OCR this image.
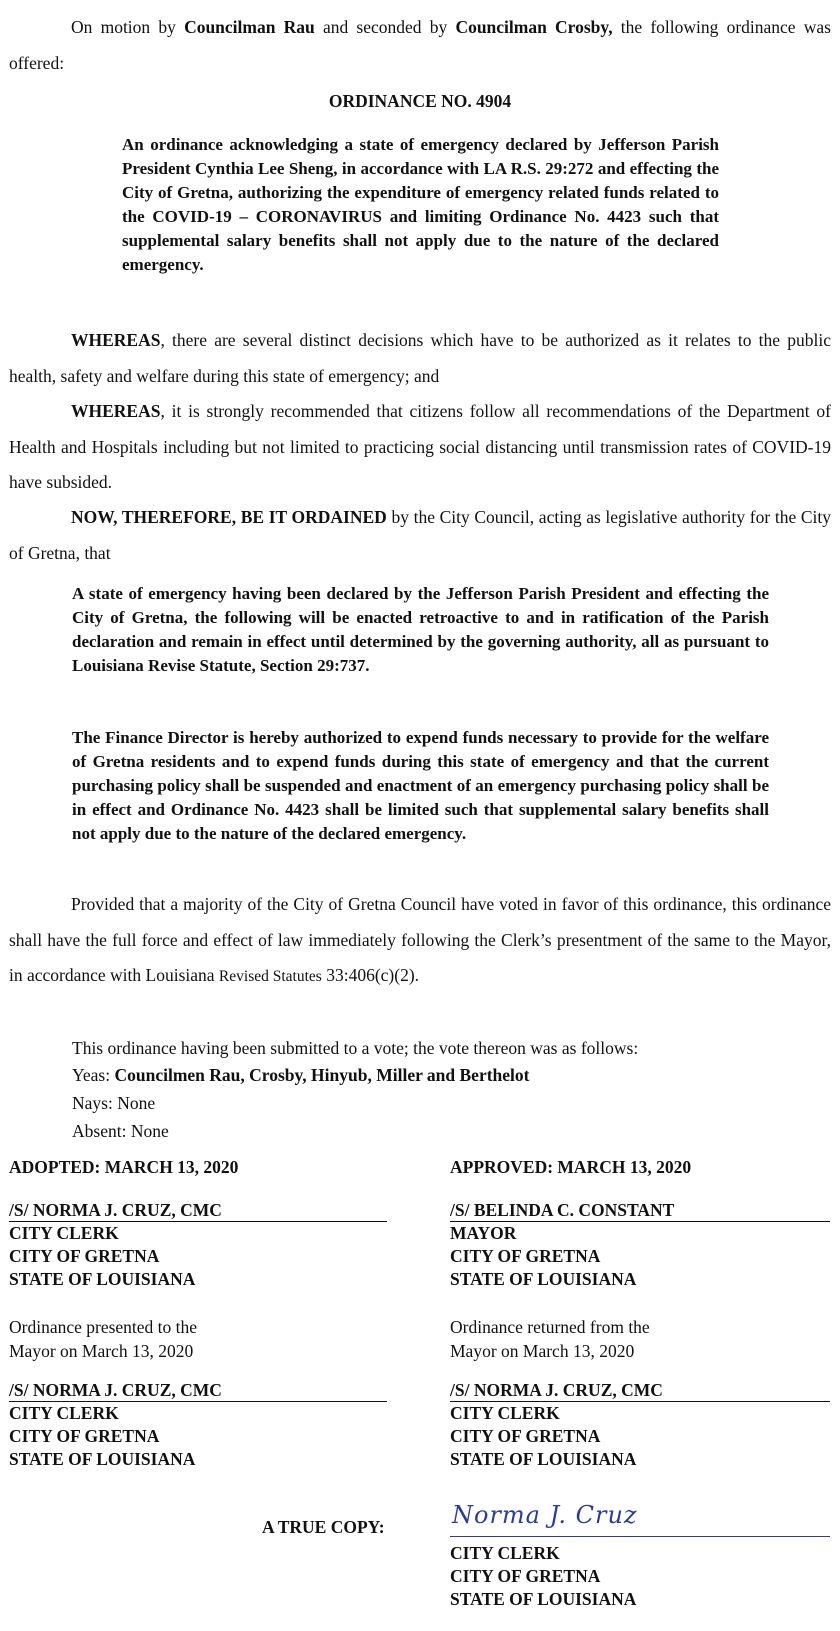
On motion by Councilman Rau and seconded by Councilman Crosby, the following ordinance was offered:

ORDINANCE NO. 4904

An ordinance acknowledging a state of emergency declared by Jefferson Parish President Cynthia Lee Sheng, in accordance with LA R.S. 29:272 and effecting the City of Gretna, authorizing the expenditure of emergency related funds related to the COVID-19 – CORONAVIRUS and limiting Ordinance No. 4423 such that supplemental salary benefits shall not apply due to the nature of the declared emergency.

WHEREAS, there are several distinct decisions which have to be authorized as it relates to the public health, safety and welfare during this state of emergency; and

WHEREAS, it is strongly recommended that citizens follow all recommendations of the Department of Health and Hospitals including but not limited to practicing social distancing until transmission rates of COVID-19 have subsided.

NOW, THEREFORE, BE IT ORDAINED by the City Council, acting as legislative authority for the City of Gretna, that

A state of emergency having been declared by the Jefferson Parish President and effecting the City of Gretna, the following will be enacted retroactive to and in ratification of the Parish declaration and remain in effect until determined by the governing authority, all as pursuant to Louisiana Revise Statute, Section 29:737.

The Finance Director is hereby authorized to expend funds necessary to provide for the welfare of Gretna residents and to expend funds during this state of emergency and that the current purchasing policy shall be suspended and enactment of an emergency purchasing policy shall be in effect and Ordinance No. 4423 shall be limited such that supplemental salary benefits shall not apply due to the nature of the declared emergency.

Provided that a majority of the City of Gretna Council have voted in favor of this ordinance, this ordinance shall have the full force and effect of law immediately following the Clerk’s presentment of the same to the Mayor, in accordance with Louisiana Revised Statutes 33:406(c)(2).

This ordinance having been submitted to a vote; the vote thereon was as follows:

Yeas: Councilmen Rau, Crosby, Hinyub, Miller and Berthelot

Nays: None

Absent: None

ADOPTED: MARCH 13, 2020	APPROVED: MARCH 13, 2020

/S/ NORMA J. CRUZ, CMC
CITY CLERK
CITY OF GRETNA
STATE OF LOUISIANA
/S/ BELINDA C. CONSTANT
MAYOR
CITY OF GRETNA
STATE OF LOUISIANA
Ordinance presented to the
Mayor on March 13, 2020
Ordinance returned from the
Mayor on March 13, 2020
/S/ NORMA J. CRUZ, CMC
CITY CLERK
CITY OF GRETNA
STATE OF LOUISIANA
/S/ NORMA J. CRUZ, CMC
CITY CLERK
CITY OF GRETNA
STATE OF LOUISIANA

A TRUE COPY:	Norma J. Cruz
CITY CLERK
CITY OF GRETNA
STATE OF LOUISIANA
